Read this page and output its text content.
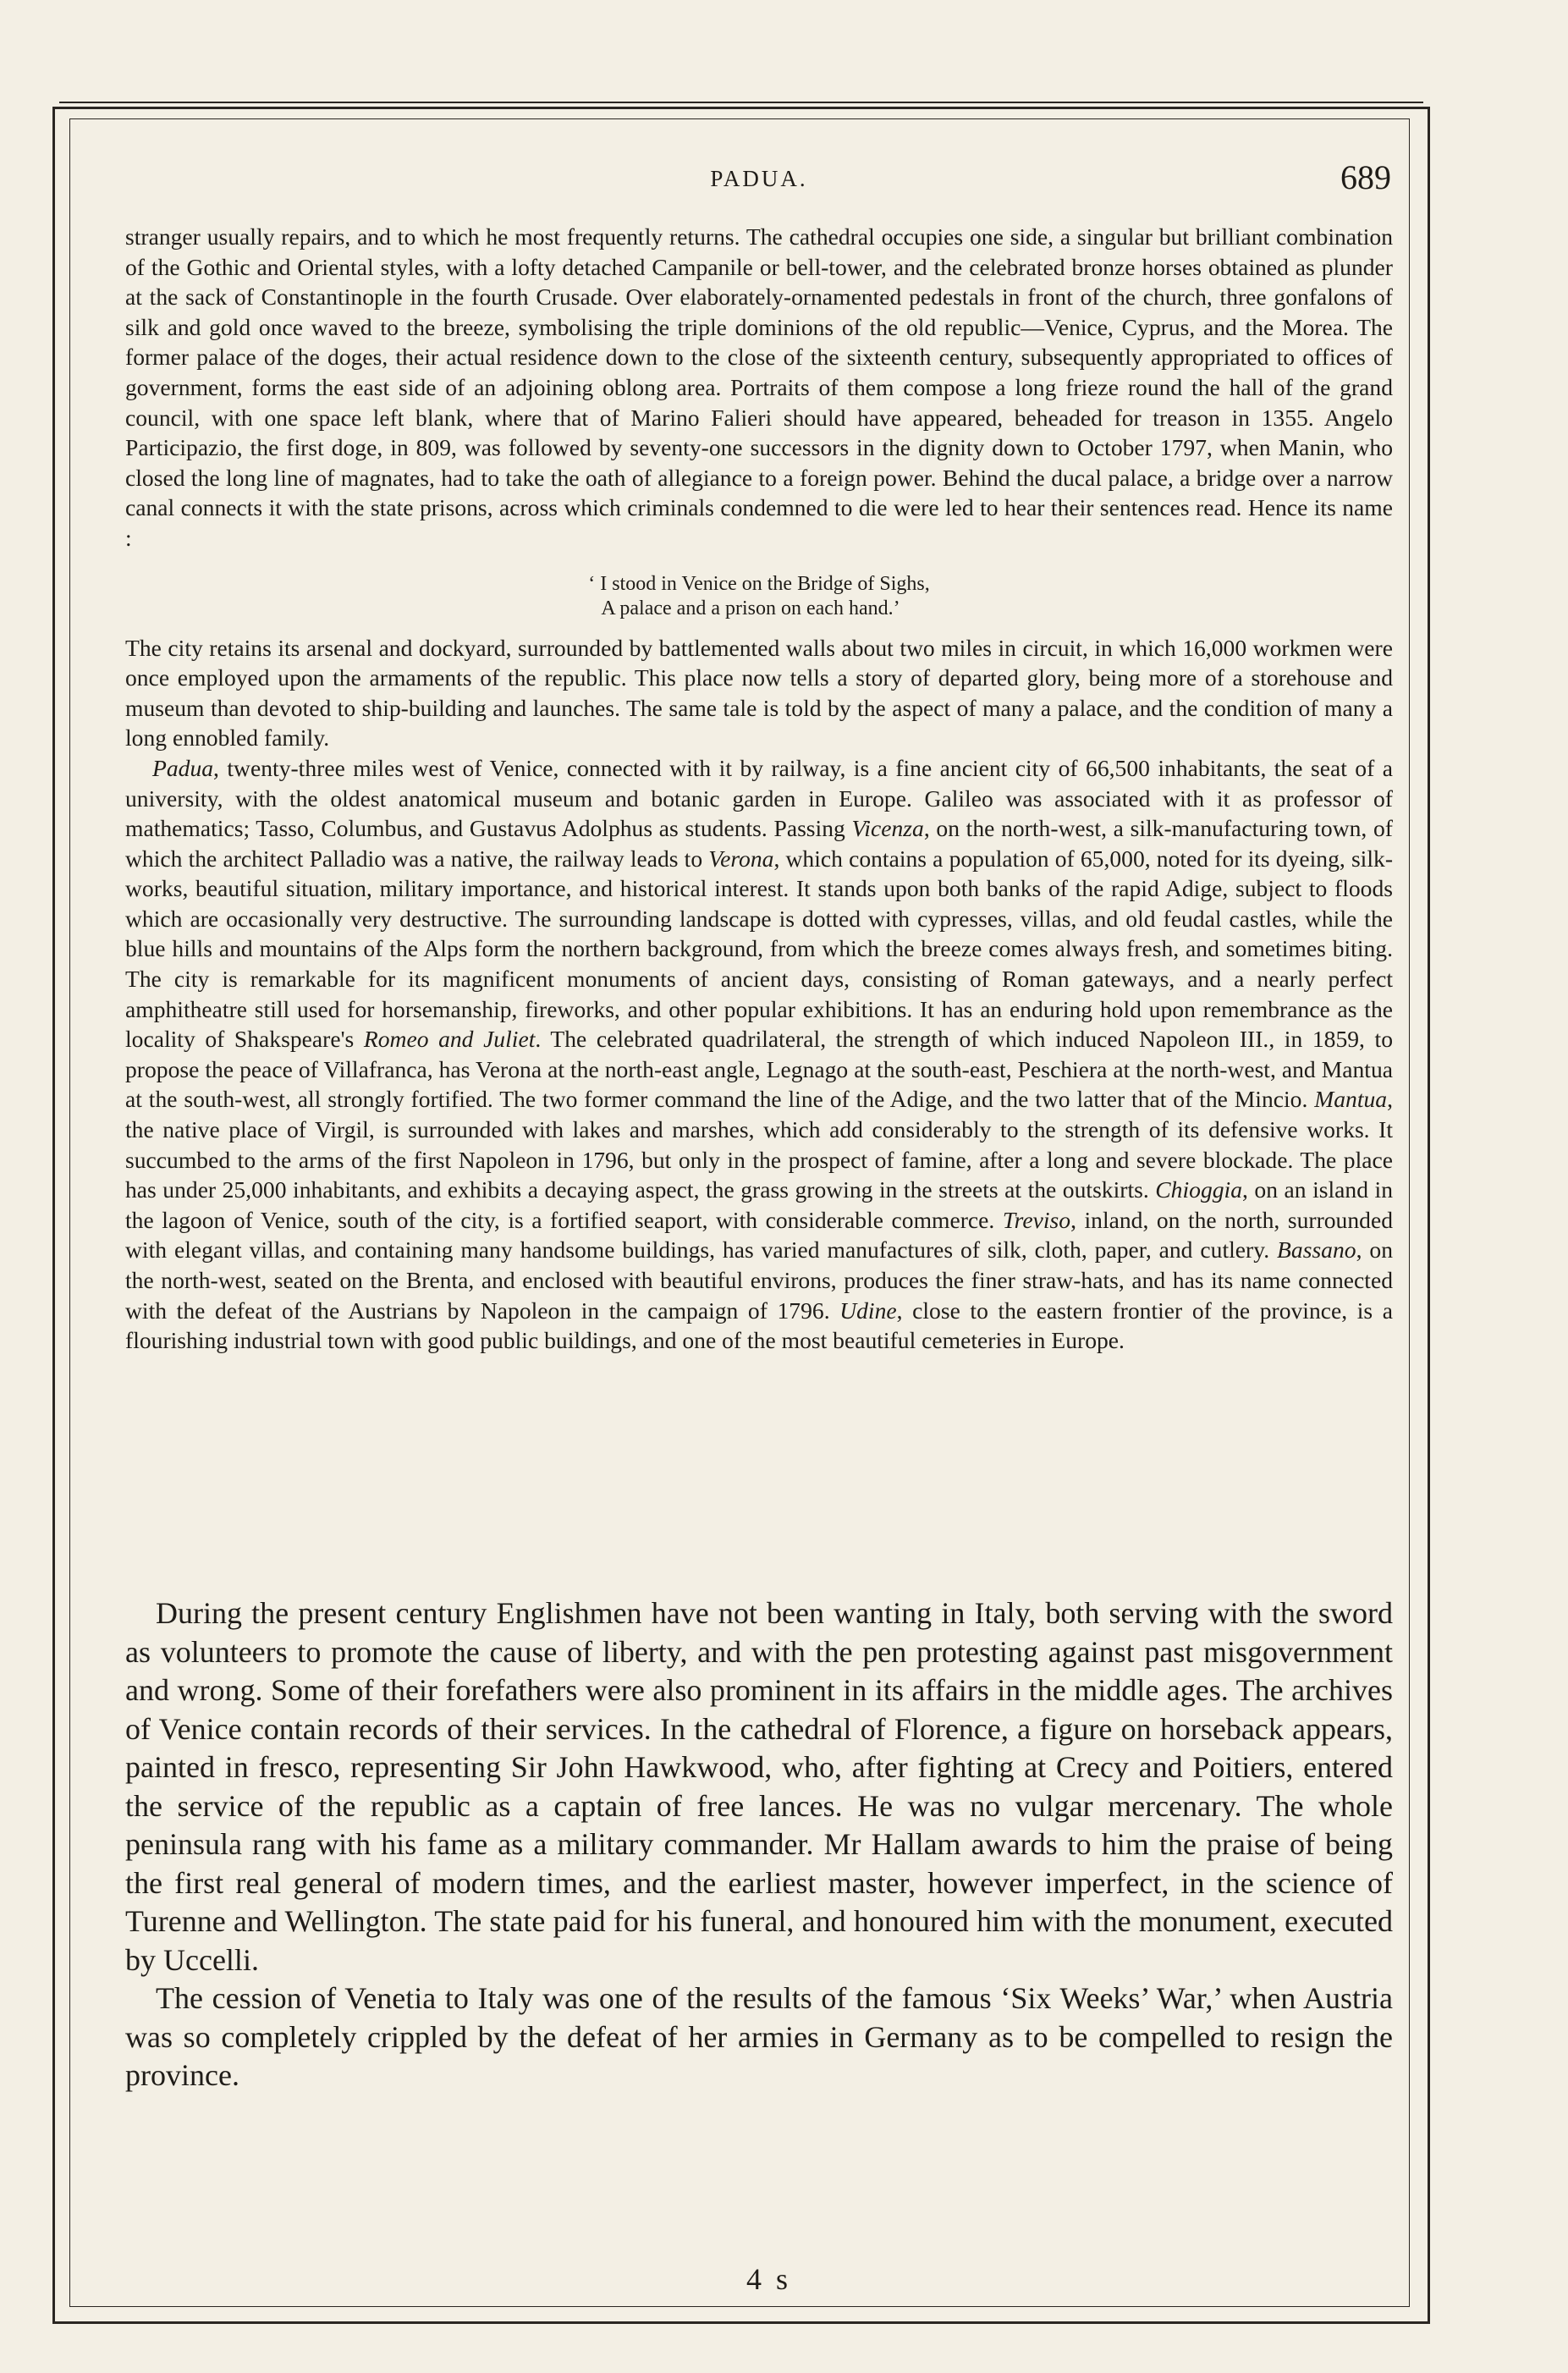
PADUA.	689

stranger usually repairs, and to which he most frequently returns. The cathedral occupies one side, a singular but brilliant combination of the Gothic and Oriental styles, with a lofty detached Campanile or bell-tower, and the celebrated bronze horses obtained as plunder at the sack of Constantinople in the fourth Crusade. Over elaborately-ornamented pedestals in front of the church, three gonfalons of silk and gold once waved to the breeze, symbolising the triple dominions of the old republic—Venice, Cyprus, and the Morea. The former palace of the doges, their actual residence down to the close of the sixteenth century, subsequently appropriated to offices of government, forms the east side of an adjoining oblong area. Portraits of them compose a long frieze round the hall of the grand council, with one space left blank, where that of Marino Falieri should have appeared, beheaded for treason in 1355. Angelo Participazio, the first doge, in 809, was followed by seventy-one successors in the dignity down to October 1797, when Manin, who closed the long line of magnates, had to take the oath of allegiance to a foreign power. Behind the ducal palace, a bridge over a narrow canal connects it with the state prisons, across which criminals condemned to die were led to hear their sentences read. Hence its name :

‘ I stood in Venice on the Bridge of Sighs,
A palace and a prison on each hand.’

The city retains its arsenal and dockyard, surrounded by battlemented walls about two miles in circuit, in which 16,000 workmen were once employed upon the armaments of the republic. This place now tells a story of departed glory, being more of a storehouse and museum than devoted to ship-building and launches. The same tale is told by the aspect of many a palace, and the condition of many a long ennobled family.

Padua, twenty-three miles west of Venice, connected with it by railway, is a fine ancient city of 66,500 inhabitants, the seat of a university, with the oldest anatomical museum and botanic garden in Europe. Galileo was associated with it as professor of mathematics; Tasso, Columbus, and Gustavus Adolphus as students. Passing Vicenza, on the north-west, a silk-manufacturing town, of which the architect Palladio was a native, the railway leads to Verona, which contains a population of 65,000, noted for its dyeing, silk-works, beautiful situation, military importance, and historical interest. It stands upon both banks of the rapid Adige, subject to floods which are occasionally very destructive. The surrounding landscape is dotted with cypresses, villas, and old feudal castles, while the blue hills and mountains of the Alps form the northern background, from which the breeze comes always fresh, and sometimes biting. The city is remarkable for its magnificent monuments of ancient days, consisting of Roman gateways, and a nearly perfect amphitheatre still used for horsemanship, fireworks, and other popular exhibitions. It has an enduring hold upon remembrance as the locality of Shakspeare's Romeo and Juliet. The celebrated quadrilateral, the strength of which induced Napoleon III., in 1859, to propose the peace of Villafranca, has Verona at the north-east angle, Legnago at the south-east, Peschiera at the north-west, and Mantua at the south-west, all strongly fortified. The two former command the line of the Adige, and the two latter that of the Mincio. Mantua, the native place of Virgil, is surrounded with lakes and marshes, which add considerably to the strength of its defensive works. It succumbed to the arms of the first Napoleon in 1796, but only in the prospect of famine, after a long and severe blockade. The place has under 25,000 inhabitants, and exhibits a decaying aspect, the grass growing in the streets at the outskirts. Chioggia, on an island in the lagoon of Venice, south of the city, is a fortified seaport, with considerable commerce. Treviso, inland, on the north, surrounded with elegant villas, and containing many handsome buildings, has varied manufactures of silk, cloth, paper, and cutlery. Bassano, on the north-west, seated on the Brenta, and enclosed with beautiful environs, produces the finer straw-hats, and has its name connected with the defeat of the Austrians by Napoleon in the campaign of 1796. Udine, close to the eastern frontier of the province, is a flourishing industrial town with good public buildings, and one of the most beautiful cemeteries in Europe.

During the present century Englishmen have not been wanting in Italy, both serving with the sword as volunteers to promote the cause of liberty, and with the pen protesting against past misgovernment and wrong. Some of their forefathers were also prominent in its affairs in the middle ages. The archives of Venice contain records of their services. In the cathedral of Florence, a figure on horseback appears, painted in fresco, representing Sir John Hawkwood, who, after fighting at Crecy and Poitiers, entered the service of the republic as a captain of free lances. He was no vulgar mercenary. The whole peninsula rang with his fame as a military commander. Mr Hallam awards to him the praise of being the first real general of modern times, and the earliest master, however imperfect, in the science of Turenne and Wellington. The state paid for his funeral, and honoured him with the monument, executed by Uccelli.

The cession of Venetia to Italy was one of the results of the famous ‘Six Weeks’ War,’ when Austria was so completely crippled by the defeat of her armies in Germany as to be compelled to resign the province.

4 s
